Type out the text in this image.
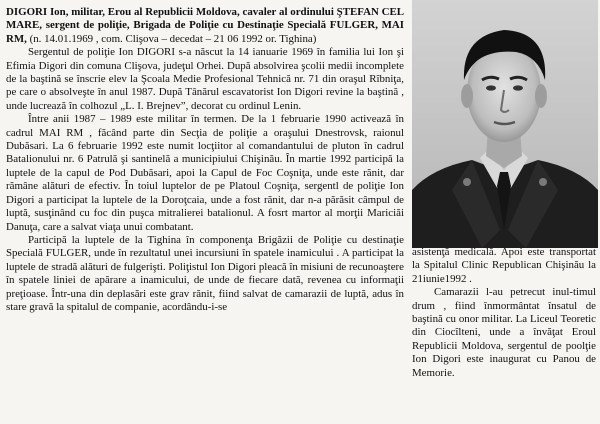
DIGORI Ion, militar, Erou al Republicii Moldova, cavaler al ordinului ŞTEFAN CEL MARE, sergent de poliţie, Brigada de Poliţie cu Destinaţie Specială FULGER, MAI RM, (n. 14.01.1969 , com. Clişova – decedat – 21 06 1992 or. Tighina)

Sergentul de poliţie Ion DIGORI s-a născut la 14 ianuarie 1969 în familia lui Ion şi Efimia Digori din comuna Clişova, judeţul Orhei. După absolvirea şcolii medii incomplete de la baştină se înscrie elev la Şcoala Medie Profesional Tehnică nr. 71 din oraşul Rîbniţa, pe care o absolveşte în anul 1987. După Tânărul escavatorist Ion Digori revine la baştină , unde lucrează în colhozul „L. I. Brejnev”, decorat cu ordinul Lenin.

Între anii 1987 – 1989 este militar în termen. De la 1 februarie 1990 activează în cadrul MAI RM , făcând parte din Secţia de poliţie a oraşului Dnestrovsk, raionul Dubăsari. La 6 februarie 1992 este numit locţiitor al comandantului de pluton în cadrul Batalionului nr. 6 Patrulă şi santinelă a municipiului Chişinău. În martie 1992 participă la luptele de la capul de Pod Dubăsari, apoi la Capul de Foc Coşniţa, unde este rănit, dar rămâne alături de efectiv. În toiul luptelor de pe Platoul Coşniţa, sergentl de poliţie Ion Digori a participat la luptele de la Doroţcaia, unde a fost rănit, dar n-a părăsit câmpul de luptă, susţinând cu foc din puşca mitralierei batalionul. A fosrt martor al morţii Mariciăi Danuţa, care a salvat viaţa unui combatant.

Participă la luptele de la Tighina în componenţa Brigăzii de Poliţie cu destinaţie Specială FULGER, unde în rezultatul unei incursiuni în spatele inamicului . A participat la luptele de stradă alături de fulgerişti. Poliţistul Ion Digori pleacă în misiuni de recunoaştere în spatele liniei de apărare a inamicului, de unde de fiecare dată, revenea cu informaţii preţioase. Într-una din deplasări este grav rănit, fiind salvat de camarazii de luptă, adus în stare gravă la spitalul de companie, acordându-i-se

asistenţă medicală. Apoi este transportat la Spitalul Clinic Republican Chişinău la 21iunie1992 .

Camarazii l-au petrecut inul-timul drum , fiind înmormântat însatul de baştină cu onor militar. La Liceul Teoretic din Ciocîlteni, unde a învăţat Eroul Republicii Moldova, sergentul de poolţie Ion Digori este inaugurat cu Panou de Memorie.
